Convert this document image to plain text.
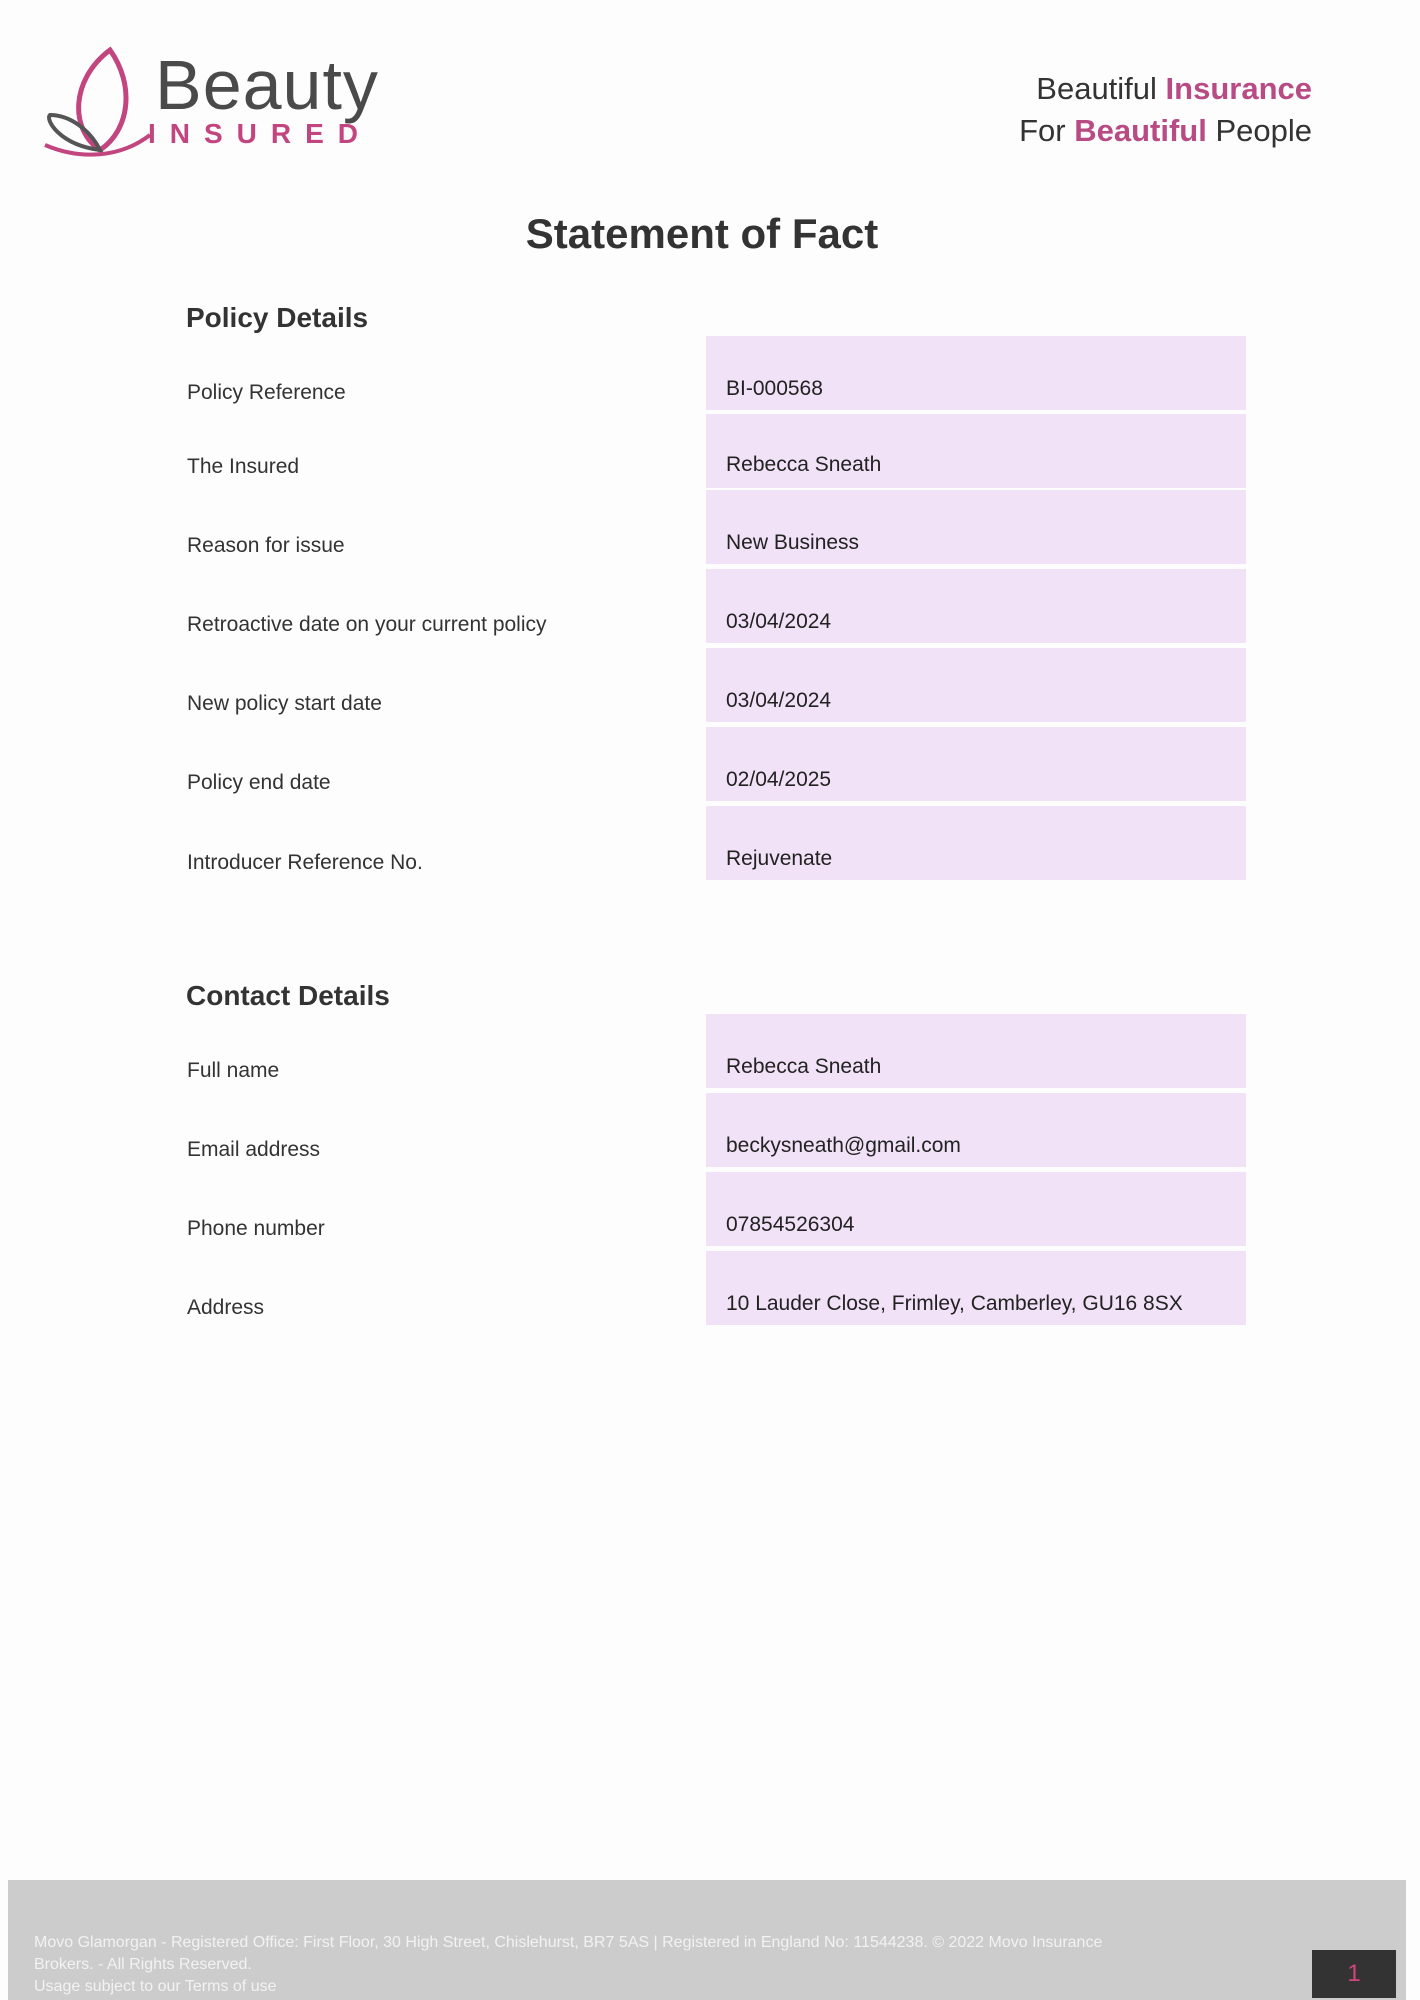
Beauty
INSURED
Beautiful Insurance
For Beautiful People
Statement of Fact
Policy Details
Policy Reference	BI-000568
The Insured	Rebecca Sneath
Reason for issue	New Business
Retroactive date on your current policy	03/04/2024
New policy start date	03/04/2024
Policy end date	02/04/2025
Introducer Reference No.	Rejuvenate
Contact Details
Full name	Rebecca Sneath
Email address	beckysneath@gmail.com
Phone number	07854526304
Address	10 Lauder Close, Frimley, Camberley, GU16 8SX
Movo Glamorgan - Registered Office: First Floor, 30 High Street, Chislehurst, BR7 5AS | Registered in England No: 11544238. © 2022 Movo Insurance
Brokers. - All Rights Reserved.
Usage subject to our Terms of use	1
